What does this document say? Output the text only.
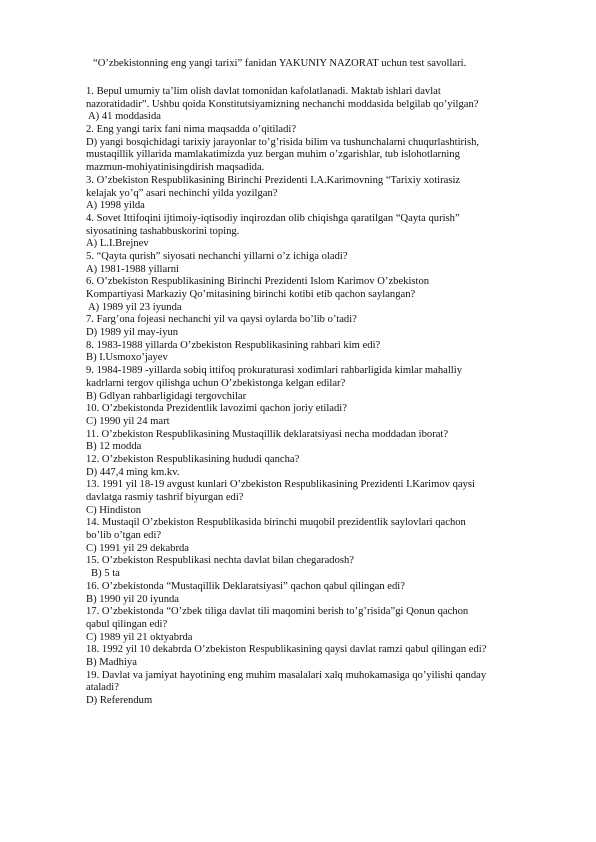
“O’zbekistonning eng yangi tarixi” fanidan YAKUNIY NAZORAT uchun test savollari.
1. Bepul umumiy ta’lim olish davlat tomonidan kafolatlanadi. Maktab ishlari davlat
nazoratidadir”. Ushbu qoida Konstitutsiyamizning nechanchi moddasida belgilab qo’yilgan?
A) 41 moddasida
2. Eng yangi tarix fani nima maqsadda o’qitiladi?
D) yangi bosqichidagi tarixiy jarayonlar to’g’risida bilim va tushunchalarni chuqurlashtirish,
mustaqillik yillarida mamlakatimizda yuz bergan muhim o’zgarishlar, tub islohotlarning
mazmun-mohiyatinisingdirish maqsadida.
3. O’zbekiston Respublikasining Birinchi Prezidenti I.A.Karimovning “Tarixiy xotirasiz
kelajak yo’q” asari nechinchi yilda yozilgan?
A) 1998 yilda
4. Sovet Ittifoqini ijtimoiy-iqtisodiy inqirozdan olib chiqishga qaratilgan “Qayta qurish”
siyosatining tashabbuskorini toping.
A) L.I.Brejnev
5. “Qayta qurish” siyosati nechanchi yillarni o’z ichiga oladi?
A) 1981-1988 yillarni
6. O’zbekiston Respublikasining Birinchi Prezidenti Islom Karimov O’zbekiston
Kompartiyasi Markaziy Qo’mitasining birinchi kotibi etib qachon saylangan?
A) 1989 yil 23 iyunda
7. Farg’ona fojeasi nechanchi yil va qaysi oylarda bo’lib o’tadi?
D) 1989 yil may-iyun
8. 1983-1988 yillarda O’zbekiston Respublikasining rahbari kim edi?
B) I.Usmoxo’jayev
9. 1984-1989 -yillarda sobiq ittifoq prokuraturasi xodimlari rahbarligida kimlar mahalliy
kadrlarni tergov qilishga uchun O’zbekistonga kelgan edilar?
B) Gdlyan rahbarligidagi tergovchilar
10. O’zbekistonda Prezidentlik lavozimi qachon joriy etiladi?
C) 1990 yil 24 mart
11. O’zbekiston Respublikasining Mustaqillik deklaratsiyasi necha moddadan iborat?
B) 12 modda
12. O’zbekiston Respublikasining hududi qancha?
D) 447,4 ming km.kv.
13. 1991 yil 18-19 avgust kunlari O’zbekiston Respublikasining Prezidenti I.Karimov qaysi
davlatga rasmiy tashrif biyurgan edi?
C) Hindiston
14. Mustaqil O’zbekiston Respublikasida birinchi muqobil prezidentlik saylovlari qachon
bo’lib o’tgan edi?
C) 1991 yil 29 dekabrda
15. O’zbekiston Respublikasi nechta davlat bilan chegaradosh?
B) 5 ta
16. O’zbekistonda “Mustaqillik Deklaratsiyasi” qachon qabul qilingan edi?
B) 1990 yil 20 iyunda
17. O’zbekistonda “O’zbek tiliga davlat tili maqomini berish to’g’risida”gi Qonun qachon
qabul qilingan edi?
C) 1989 yil 21 oktyabrda
18. 1992 yil 10 dekabrda O’zbekiston Respublikasining qaysi davlat ramzi qabul qilingan edi?
B) Madhiya
19. Davlat va jamiyat hayotining eng muhim masalalari xalq muhokamasiga qo’yilishi qanday
ataladi?
D) Referendum
